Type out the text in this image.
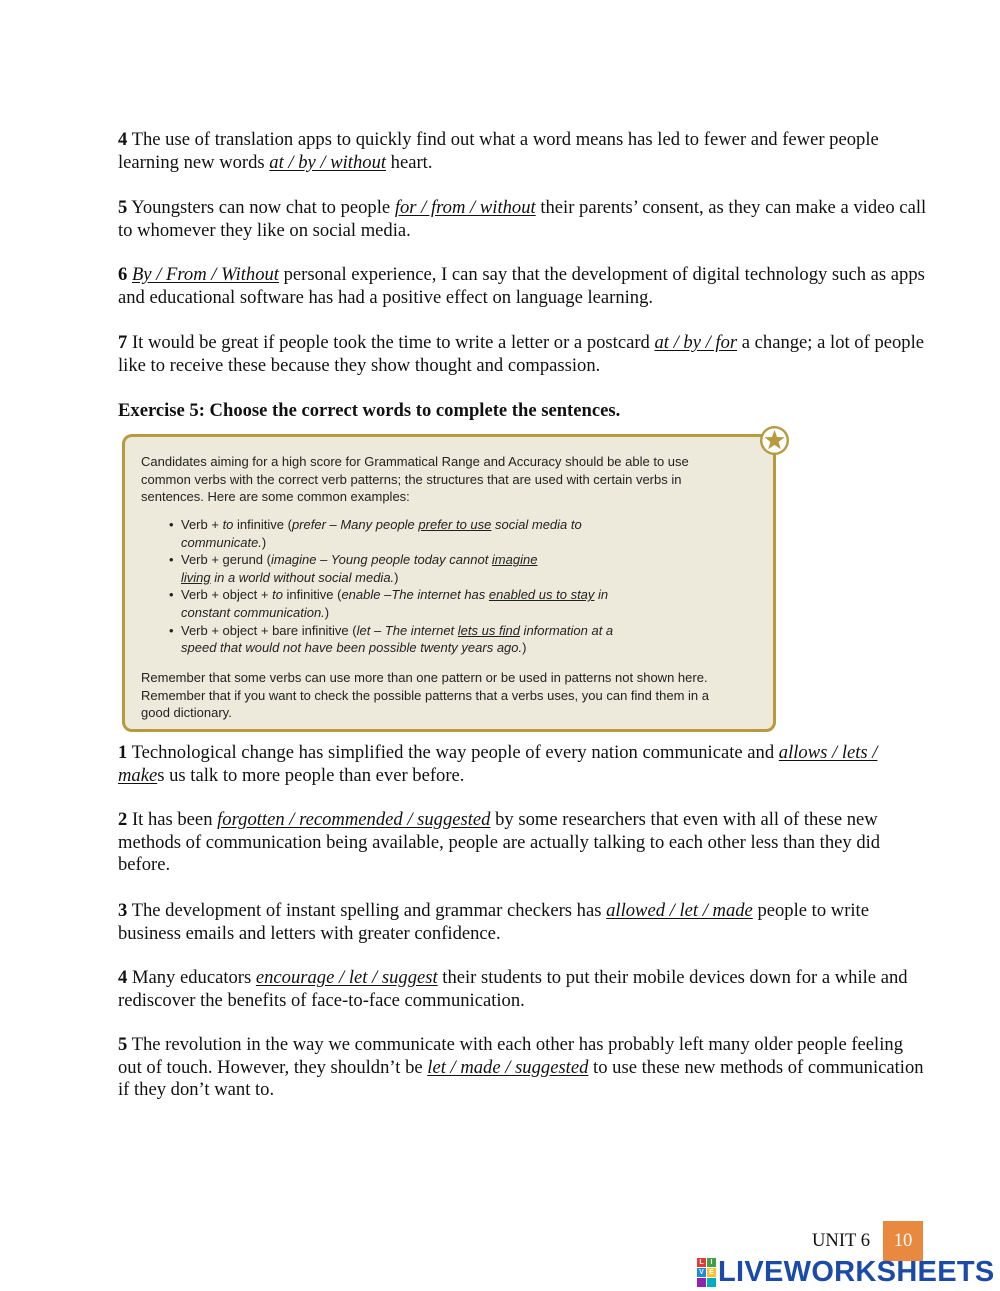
4 The use of translation apps to quickly find out what a word means has led to fewer and fewer people learning new words at / by / without heart.

5 Youngsters can now chat to people for / from / without their parents’ consent, as they can make a video call to whomever they like on social media.

6 By / From / Without personal experience, I can say that the development of digital technology such as apps and educational software has had a positive effect on language learning.

7 It would be great if people took the time to write a letter or a postcard at / by / for a change; a lot of people like to receive these because they show thought and compassion.

Exercise 5: Choose the correct words to complete the sentences.

Candidates aiming for a high score for Grammatical Range and Accuracy should be able to use
common verbs with the correct verb patterns; the structures that are used with certain verbs in
sentences. Here are some common examples:

• Verb + to infinitive (prefer – Many people prefer to use social media to
communicate.)
• Verb + gerund (imagine – Young people today cannot imagine
living in a world without social media.)
• Verb + object + to infinitive (enable –The internet has enabled us to stay in
constant communication.)
• Verb + object + bare infinitive (let – The internet lets us find information at a
speed that would not have been possible twenty years ago.)

Remember that some verbs can use more than one pattern or be used in patterns not shown here.
Remember that if you want to check the possible patterns that a verbs uses, you can find them in a
good dictionary.

1 Technological change has simplified the way people of every nation communicate and allows / lets / makes us talk to more people than ever before.

2 It has been forgotten / recommended / suggested by some researchers that even with all of these new methods of communication being available, people are actually talking to each other less than they did before.

3 The development of instant spelling and grammar checkers has allowed / let / made people to write business emails and letters with greater confidence.

4 Many educators encourage / let / suggest their students to put their mobile devices down for a while and rediscover the benefits of face-to-face communication.

5 The revolution in the way we communicate with each other has probably left many older people feeling out of touch. However, they shouldn’t be let / made / suggested to use these new methods of communication if they don’t want to.

UNIT 6	10
L I
V E LIVEWORKSHEETS
